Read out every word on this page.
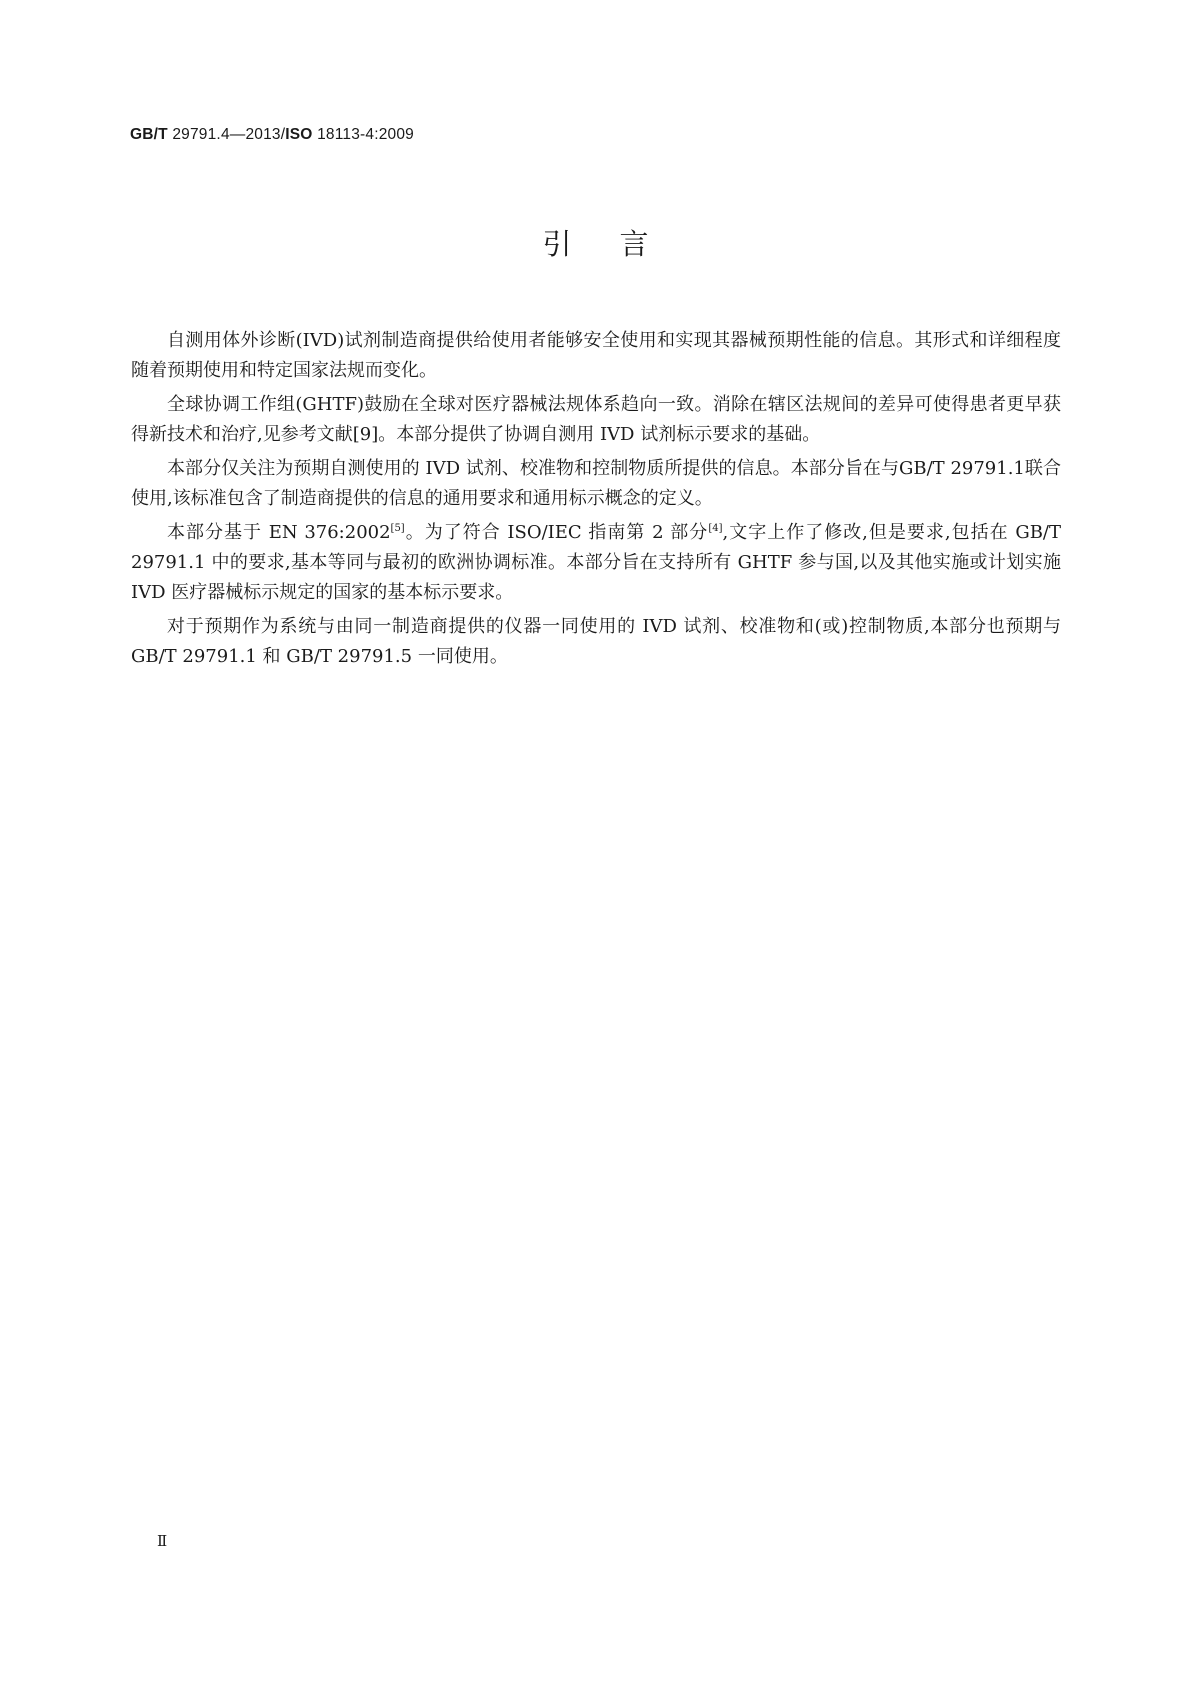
GB/T 29791.4—2013/ISO 18113-4:2009
引言

自测用体外诊断(IVD)试剂制造商提供给使用者能够安全使用和实现其器械预期性能的信息。其形式和详细程度随着预期使用和特定国家法规而变化。

全球协调工作组(GHTF)鼓励在全球对医疗器械法规体系趋向一致。消除在辖区法规间的差异可使得患者更早获得新技术和治疗,见参考文献[9]。本部分提供了协调自测用 IVD 试剂标示要求的基础。

本部分仅关注为预期自测使用的 IVD 试剂、校准物和控制物质所提供的信息。本部分旨在与GB/T 29791.1联合使用,该标准包含了制造商提供的信息的通用要求和通用标示概念的定义。

本部分基于 EN 376:2002[5]。为了符合 ISO/IEC 指南第 2 部分[4],文字上作了修改,但是要求,包括在 GB/T 29791.1 中的要求,基本等同与最初的欧洲协调标准。本部分旨在支持所有 GHTF 参与国,以及其他实施或计划实施 IVD 医疗器械标示规定的国家的基本标示要求。

对于预期作为系统与由同一制造商提供的仪器一同使用的 IVD 试剂、校准物和(或)控制物质,本部分也预期与 GB/T 29791.1 和 GB/T 29791.5 一同使用。

Ⅱ
